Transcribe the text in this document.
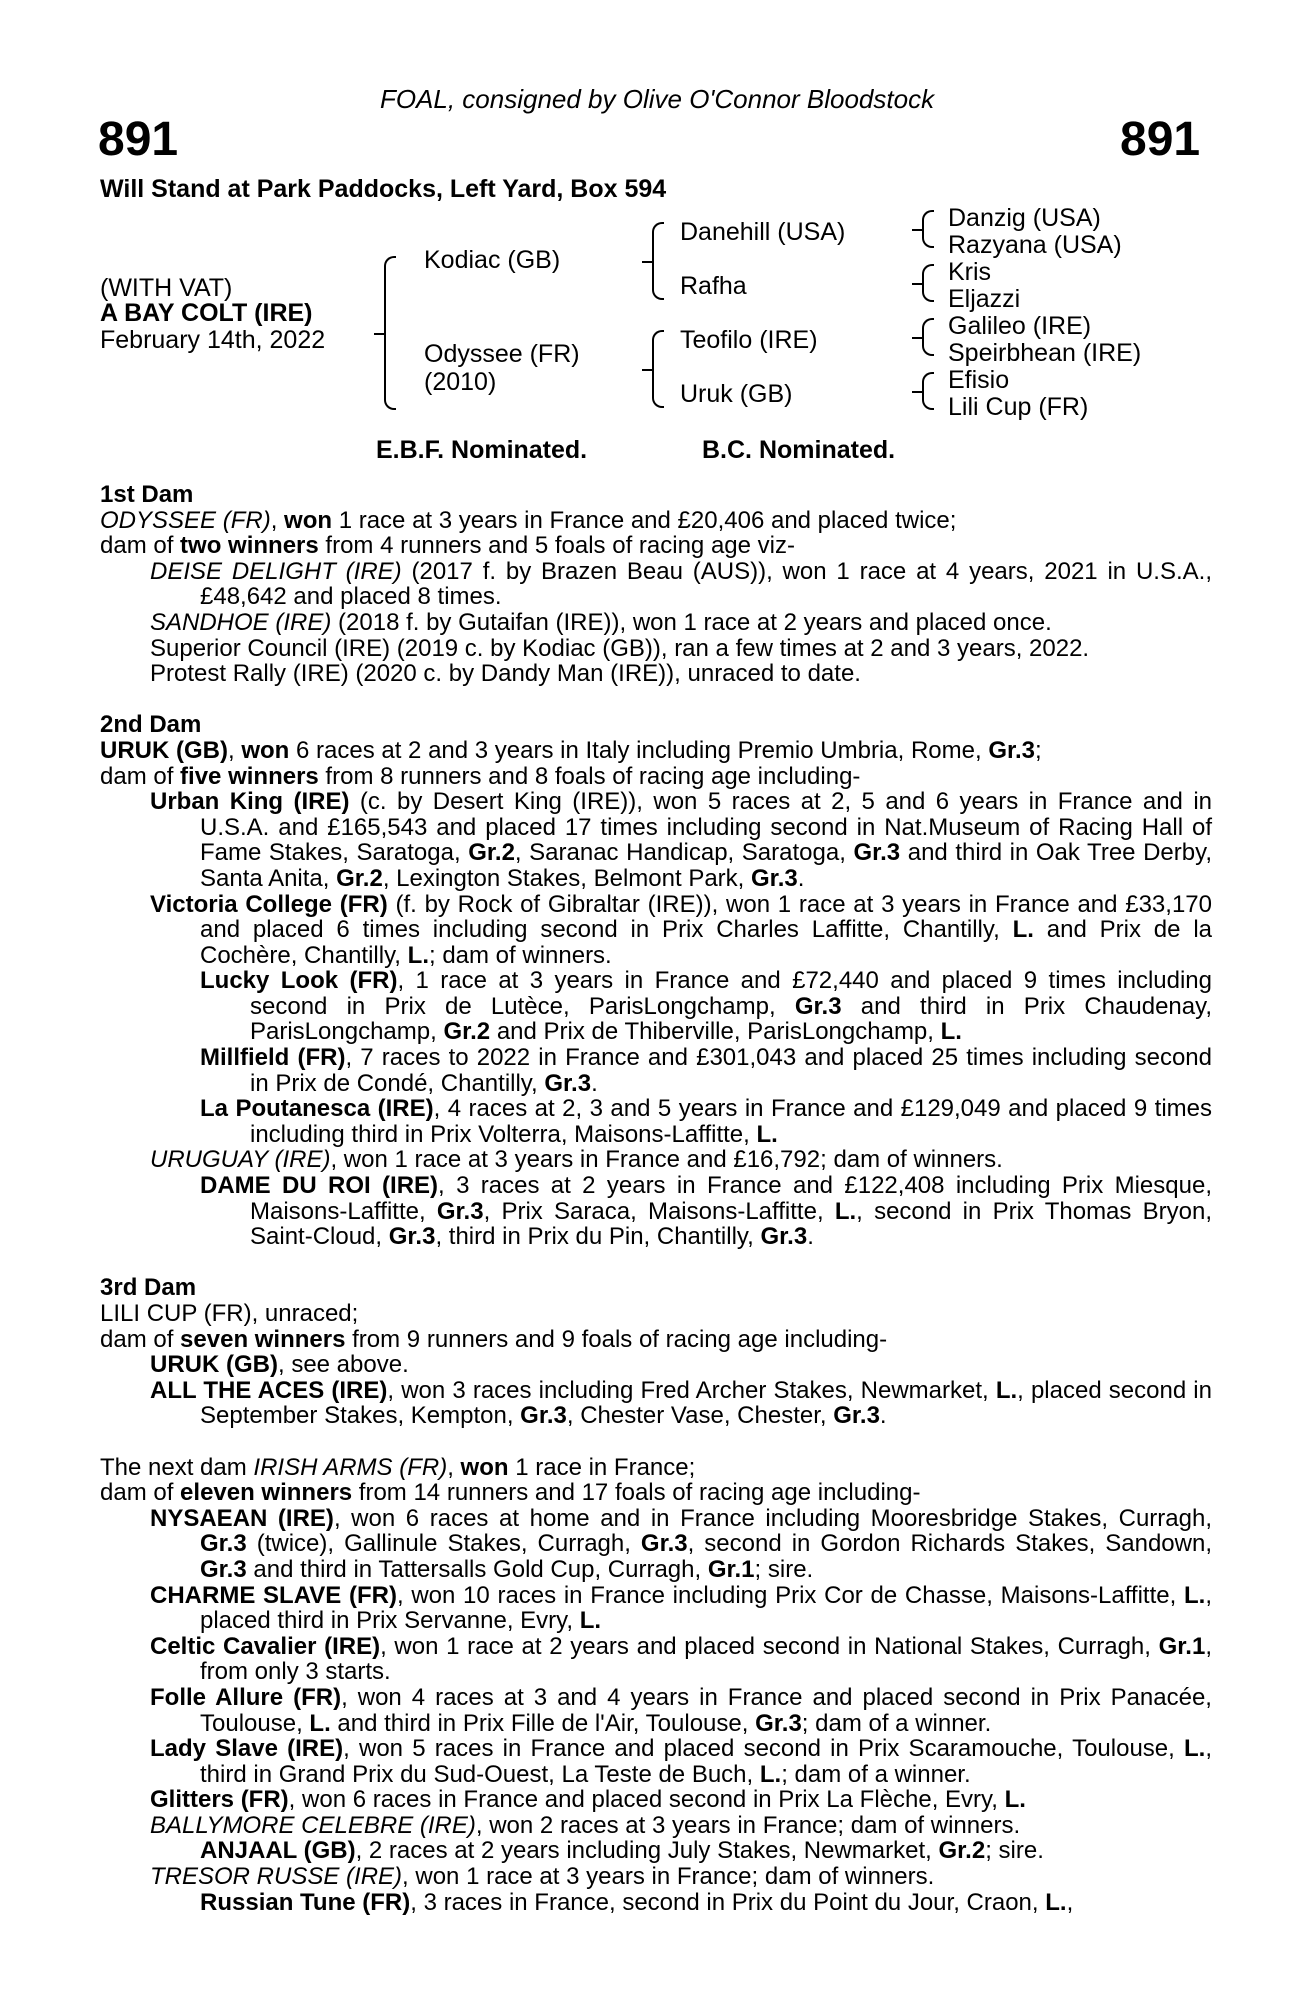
FOAL, consigned by Olive O'Connor Bloodstock
891	891
Will Stand at Park Paddocks, Left Yard, Box 594
(WITH VAT)
A BAY COLT (IRE)
February 14th, 2022
Kodiac (GB)
Odyssee (FR)
(2010)
Danehill (USA)
Rafha
Teofilo (IRE)
Uruk (GB)
Danzig (USA)
Razyana (USA)
Kris
Eljazzi
Galileo (IRE)
Speirbhean (IRE)
Efisio
Lili Cup (FR)
E.B.F. Nominated.	B.C. Nominated.

1st Dam

ODYSSEE (FR), won 1 race at 3 years in France and £20,406 and placed twice;

dam of two winners from 4 runners and 5 foals of racing age viz-

DEISE DELIGHT (IRE) (2017 f. by Brazen Beau (AUS)), won 1 race at 4 years, 2021 in U.S.A., £48,642 and placed 8 times.

SANDHOE (IRE) (2018 f. by Gutaifan (IRE)), won 1 race at 2 years and placed once.

Superior Council (IRE) (2019 c. by Kodiac (GB)), ran a few times at 2 and 3 years, 2022.

Protest Rally (IRE) (2020 c. by Dandy Man (IRE)), unraced to date.

2nd Dam

URUK (GB), won 6 races at 2 and 3 years in Italy including Premio Umbria, Rome, Gr.3;

dam of five winners from 8 runners and 8 foals of racing age including-

Urban King (IRE) (c. by Desert King (IRE)), won 5 races at 2, 5 and 6 years in France and in U.S.A. and £165,543 and placed 17 times including second in Nat.Museum of Racing Hall of Fame Stakes, Saratoga, Gr.2, Saranac Handicap, Saratoga, Gr.3 and third in Oak Tree Derby, Santa Anita, Gr.2, Lexington Stakes, Belmont Park, Gr.3.

Victoria College (FR) (f. by Rock of Gibraltar (IRE)), won 1 race at 3 years in France and £33,170 and placed 6 times including second in Prix Charles Laffitte, Chantilly, L. and Prix de la Cochère, Chantilly, L.; dam of winners.

Lucky Look (FR), 1 race at 3 years in France and £72,440 and placed 9 times including second in Prix de Lutèce, ParisLongchamp, Gr.3 and third in Prix Chaudenay, ParisLongchamp, Gr.2 and Prix de Thiberville, ParisLongchamp, L.

Millfield (FR), 7 races to 2022 in France and £301,043 and placed 25 times including second in Prix de Condé, Chantilly, Gr.3.

La Poutanesca (IRE), 4 races at 2, 3 and 5 years in France and £129,049 and placed 9 times including third in Prix Volterra, Maisons-Laffitte, L.

URUGUAY (IRE), won 1 race at 3 years in France and £16,792; dam of winners.

DAME DU ROI (IRE), 3 races at 2 years in France and £122,408 including Prix Miesque, Maisons-Laffitte, Gr.3, Prix Saraca, Maisons-Laffitte, L., second in Prix Thomas Bryon, Saint-Cloud, Gr.3, third in Prix du Pin, Chantilly, Gr.3.

3rd Dam

LILI CUP (FR), unraced;

dam of seven winners from 9 runners and 9 foals of racing age including-

URUK (GB), see above.

ALL THE ACES (IRE), won 3 races including Fred Archer Stakes, Newmarket, L., placed second in September Stakes, Kempton, Gr.3, Chester Vase, Chester, Gr.3.

The next dam IRISH ARMS (FR), won 1 race in France;

dam of eleven winners from 14 runners and 17 foals of racing age including-

NYSAEAN (IRE), won 6 races at home and in France including Mooresbridge Stakes, Curragh, Gr.3 (twice), Gallinule Stakes, Curragh, Gr.3, second in Gordon Richards Stakes, Sandown, Gr.3 and third in Tattersalls Gold Cup, Curragh, Gr.1; sire.

CHARME SLAVE (FR), won 10 races in France including Prix Cor de Chasse, Maisons-Laffitte, L., placed third in Prix Servanne, Evry, L.

Celtic Cavalier (IRE), won 1 race at 2 years and placed second in National Stakes, Curragh, Gr.1, from only 3 starts.

Folle Allure (FR), won 4 races at 3 and 4 years in France and placed second in Prix Panacée, Toulouse, L. and third in Prix Fille de l'Air, Toulouse, Gr.3; dam of a winner.

Lady Slave (IRE), won 5 races in France and placed second in Prix Scaramouche, Toulouse, L., third in Grand Prix du Sud-Ouest, La Teste de Buch, L.; dam of a winner.

Glitters (FR), won 6 races in France and placed second in Prix La Flèche, Evry, L.

BALLYMORE CELEBRE (IRE), won 2 races at 3 years in France; dam of winners.

ANJAAL (GB), 2 races at 2 years including July Stakes, Newmarket, Gr.2; sire.

TRESOR RUSSE (IRE), won 1 race at 3 years in France; dam of winners.

Russian Tune (FR), 3 races in France, second in Prix du Point du Jour, Craon, L.,
